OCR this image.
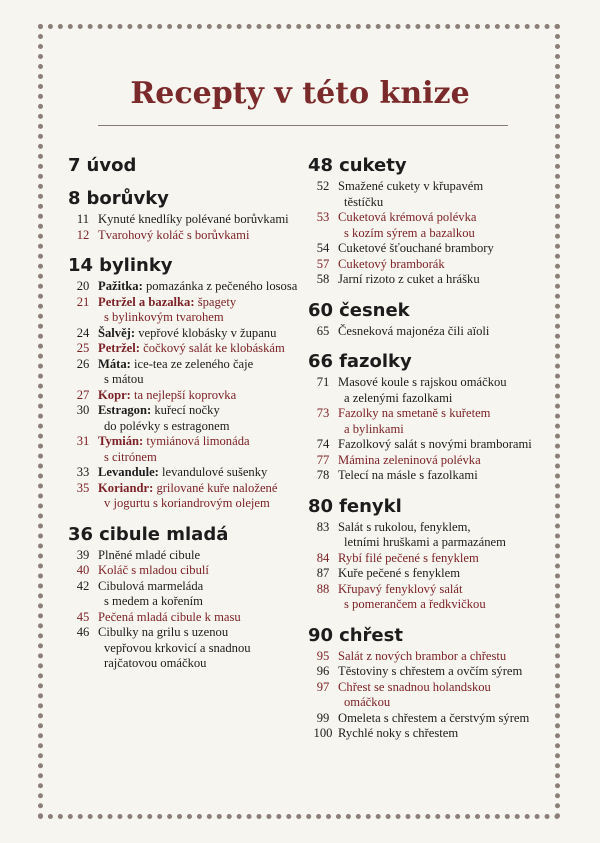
Recepty v této knize
7 úvod
8 borůvky
11 Kynuté knedlíky polévané borůvkami
12 Tvarohový koláč s borůvkami
14 bylinky
20 Pažitka: pomazánka z pečeného lososa
21 Petržel a bazalka: špagety
s bylinkovým tvarohem
24 Šalvěj: vepřové klobásky v županu
25 Petržel: čočkový salát ke klobáskám
26 Máta: ice-tea ze zeleného čaje
s mátou
27 Kopr: ta nejlepší koprovka
30 Estragon: kuřecí nočky
do polévky s estragonem
31 Tymián: tymiánová limonáda
s citrónem
33 Levandule: levandulové sušenky
35 Koriandr: grilované kuře naložené
v jogurtu s koriandrovým olejem
36 cibule mladá
39 Plněné mladé cibule
40 Koláč s mladou cibulí
42 Cibulová marmeláda
s medem a kořením
45 Pečená mladá cibule k masu
46 Cibulky na grilu s uzenou
vepřovou krkovicí a snadnou
rajčatovou omáčkou
48 cukety
52 Smažené cukety v křupavém
těstíčku
53 Cuketová krémová polévka
s kozím sýrem a bazalkou
54 Cuketové šťouchané brambory
57 Cuketový bramborák
58 Jarní rizoto z cuket a hrášku
60 česnek
65 Česneková majonéza čili aïoli
66 fazolky
71 Masové koule s rajskou omáčkou
a zelenými fazolkami
73 Fazolky na smetaně s kuřetem
a bylinkami
74 Fazolkový salát s novými bramborami
77 Mámina zeleninová polévka
78 Telecí na másle s fazolkami
80 fenykl
83 Salát s rukolou, fenyklem,
letními hruškami a parmazánem
84 Rybí filé pečené s fenyklem
87 Kuře pečené s fenyklem
88 Křupavý fenyklový salát
s pomerančem a ředkvičkou
90 chřest
95 Salát z nových brambor a chřestu
96 Těstoviny s chřestem a ovčím sýrem
97 Chřest se snadnou holandskou
omáčkou
99 Omeleta s chřestem a čerstvým sýrem
100 Rychlé noky s chřestem
